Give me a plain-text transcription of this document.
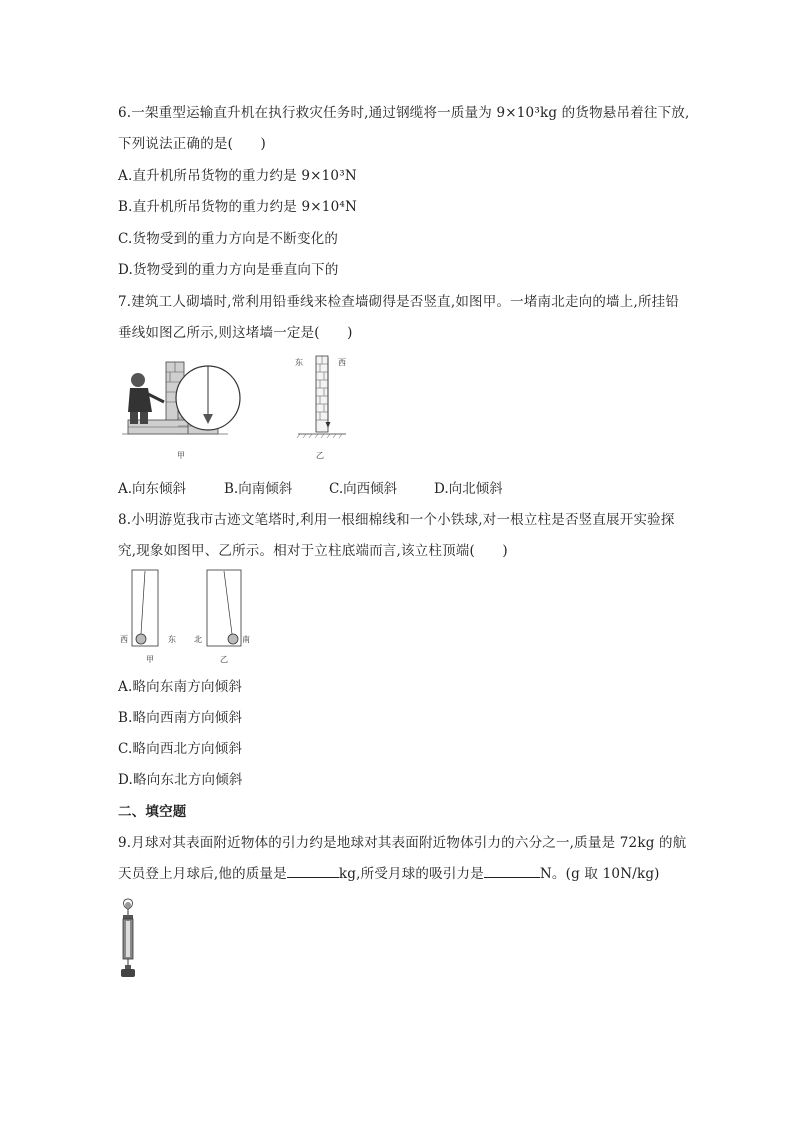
6.一架重型运输直升机在执行救灾任务时,通过钢缆将一质量为 9×10³kg 的货物悬吊着往下放,
下列说法正确的是(　　)
A.直升机所吊货物的重力约是 9×10³N
B.直升机所吊货物的重力约是 9×10⁴N
C.货物受到的重力方向是不断变化的
D.货物受到的重力方向是垂直向下的
7.建筑工人砌墙时,常利用铅垂线来检查墙砌得是否竖直,如图甲。一堵南北走向的墙上,所挂铅
垂线如图乙所示,则这堵墙一定是(　　)
甲
东	西
乙
A.向东倾斜	B.向南倾斜	C.向西倾斜	D.向北倾斜
8.小明游览我市古迹文笔塔时,利用一根细棉线和一个小铁球,对一根立柱是否竖直展开实验探
究,现象如图甲、乙所示。相对于立柱底端而言,该立柱顶端(　　)
西	东
甲
北	南
乙
A.略向东南方向倾斜
B.略向西南方向倾斜
C.略向西北方向倾斜
D.略向东北方向倾斜
二、填空题
9.月球对其表面附近物体的引力约是地球对其表面附近物体引力的六分之一,质量是 72kg 的航
天员登上月球后,他的质量是	kg,所受月球的吸引力是	N。(g 取 10N/kg)
